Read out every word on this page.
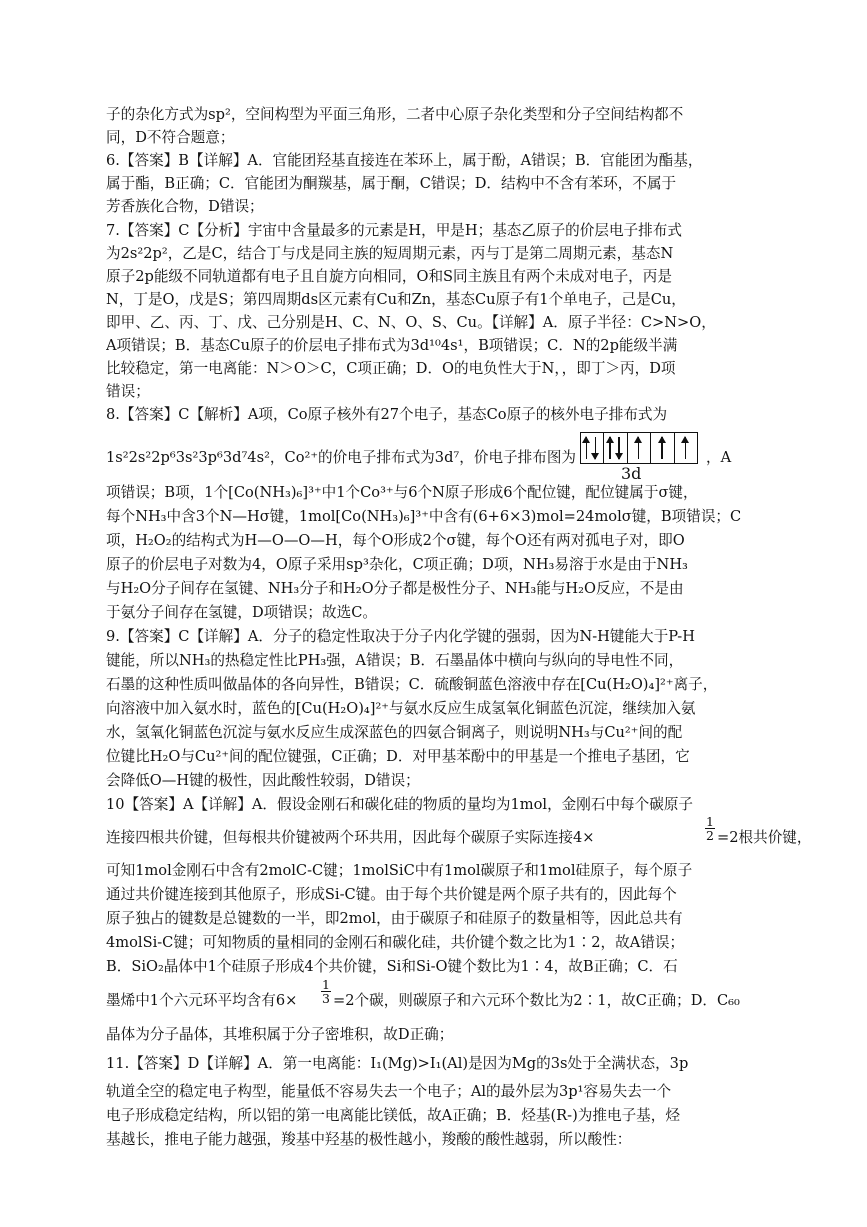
子的杂化方式为sp²，空间构型为平面三角形，二者中心原子杂化类型和分子空间结构都不
同，D不符合题意；
6.【答案】B【详解】A．官能团羟基直接连在苯环上，属于酚，A错误；B．官能团为酯基，
属于酯，B正确；C．官能团为酮羰基，属于酮，C错误；D．结构中不含有苯环，不属于
芳香族化合物，D错误；
7.【答案】C【分析】宇宙中含量最多的元素是H，甲是H；基态乙原子的价层电子排布式
为2s²2p²，乙是C，结合丁与戊是同主族的短周期元素，丙与丁是第二周期元素，基态N
原子2p能级不同轨道都有电子且自旋方向相同，O和S同主族且有两个未成对电子，丙是
N，丁是O，戊是S；第四周期ds区元素有Cu和Zn，基态Cu原子有1个单电子，己是Cu，
即甲、乙、丙、丁、戊、己分别是H、C、N、O、S、Cu。【详解】A．原子半径：C>N>O，
A项错误；B．基态Cu原子的价层电子排布式为3d¹⁰4s¹，B项错误；C．N的2p能级半满
比较稳定，第一电离能：N＞O＞C，C项正确；D．O的电负性大于N，，即丁＞丙，D项
错误；
8.【答案】C【解析】A项，Co原子核外有27个电子，基态Co原子的核外电子排布式为
1s²2s²2p⁶3s²3p⁶3d⁷4s²，Co²⁺的价电子排布式为3d⁷，价电子排布图为
3d
，A
项错误；B项，1个[Co(NH₃)₆]³⁺中1个Co³⁺与6个N原子形成6个配位键，配位键属于σ键，
每个NH₃中含3个N—Hσ键，1mol[Co(NH₃)₆]³⁺中含有(6+6×3)mol=24molσ键，B项错误；C
项，H₂O₂的结构式为H—O—O—H，每个O形成2个σ键，每个O还有两对孤电子对，即O
原子的价层电子对数为4，O原子采用sp³杂化，C项正确；D项，NH₃易溶于水是由于NH₃
与H₂O分子间存在氢键、NH₃分子和H₂O分子都是极性分子、NH₃能与H₂O反应，不是由
于氨分子间存在氢键，D项错误；故选C。
9.【答案】C【详解】A．分子的稳定性取决于分子内化学键的强弱，因为N-H键能大于P-H
键能，所以NH₃的热稳定性比PH₃强，A错误；B．石墨晶体中横向与纵向的导电性不同，
石墨的这种性质叫做晶体的各向异性，B错误；C．硫酸铜蓝色溶液中存在[Cu(H₂O)₄]²⁺离子，
向溶液中加入氨水时，蓝色的[Cu(H₂O)₄]²⁺与氨水反应生成氢氧化铜蓝色沉淀，继续加入氨
水，氢氧化铜蓝色沉淀与氨水反应生成深蓝色的四氨合铜离子，则说明NH₃与Cu²⁺间的配
位键比H₂O与Cu²⁺间的配位键强，C正确；D．对甲基苯酚中的甲基是一个推电子基团，它
会降低O—H键的极性，因此酸性较弱，D错误；
10【答案】A【详解】A．假设金刚石和碳化硅的物质的量均为1mol，金刚石中每个碳原子
连接四根共价键，但每根共价键被两个环共用，因此每个碳原子实际连接4×	$\frac{1}{2} =2$根共价键，
可知1mol金刚石中含有2molC-C键；1molSiC中有1mol碳原子和1mol硅原子，每个原子
通过共价键连接到其他原子，形成Si-C键。由于每个共价键是两个原子共有的，因此每个
原子独占的键数是总键数的一半，即2mol，由于碳原子和硅原子的数量相等，因此总共有
4molSi-C键；可知物质的量相同的金刚石和碳化硅，共价键个数之比为1∶2，故A错误；
B．SiO₂晶体中1个硅原子形成4个共价键，Si和Si-O键个数比为1∶4，故B正确；C．石
墨烯中1个六元环平均含有$6\times \frac{1}{3} =2$个碳，则碳原子和六元环个数比为2∶1，故C正确；D．C₆₀
晶体为分子晶体，其堆积属于分子密堆积，故D正确；
11.【答案】D【详解】A．第一电离能：I₁(Mg)>I₁(Al)是因为Mg的3s处于全满状态，3p
轨道全空的稳定电子构型，能量低不容易失去一个电子；Al的最外层为3p¹容易失去一个
电子形成稳定结构，所以铝的第一电离能比镁低，故A正确；B．烃基(R-)为推电子基，烃
基越长，推电子能力越强，羧基中羟基的极性越小，羧酸的酸性越弱，所以酸性：
